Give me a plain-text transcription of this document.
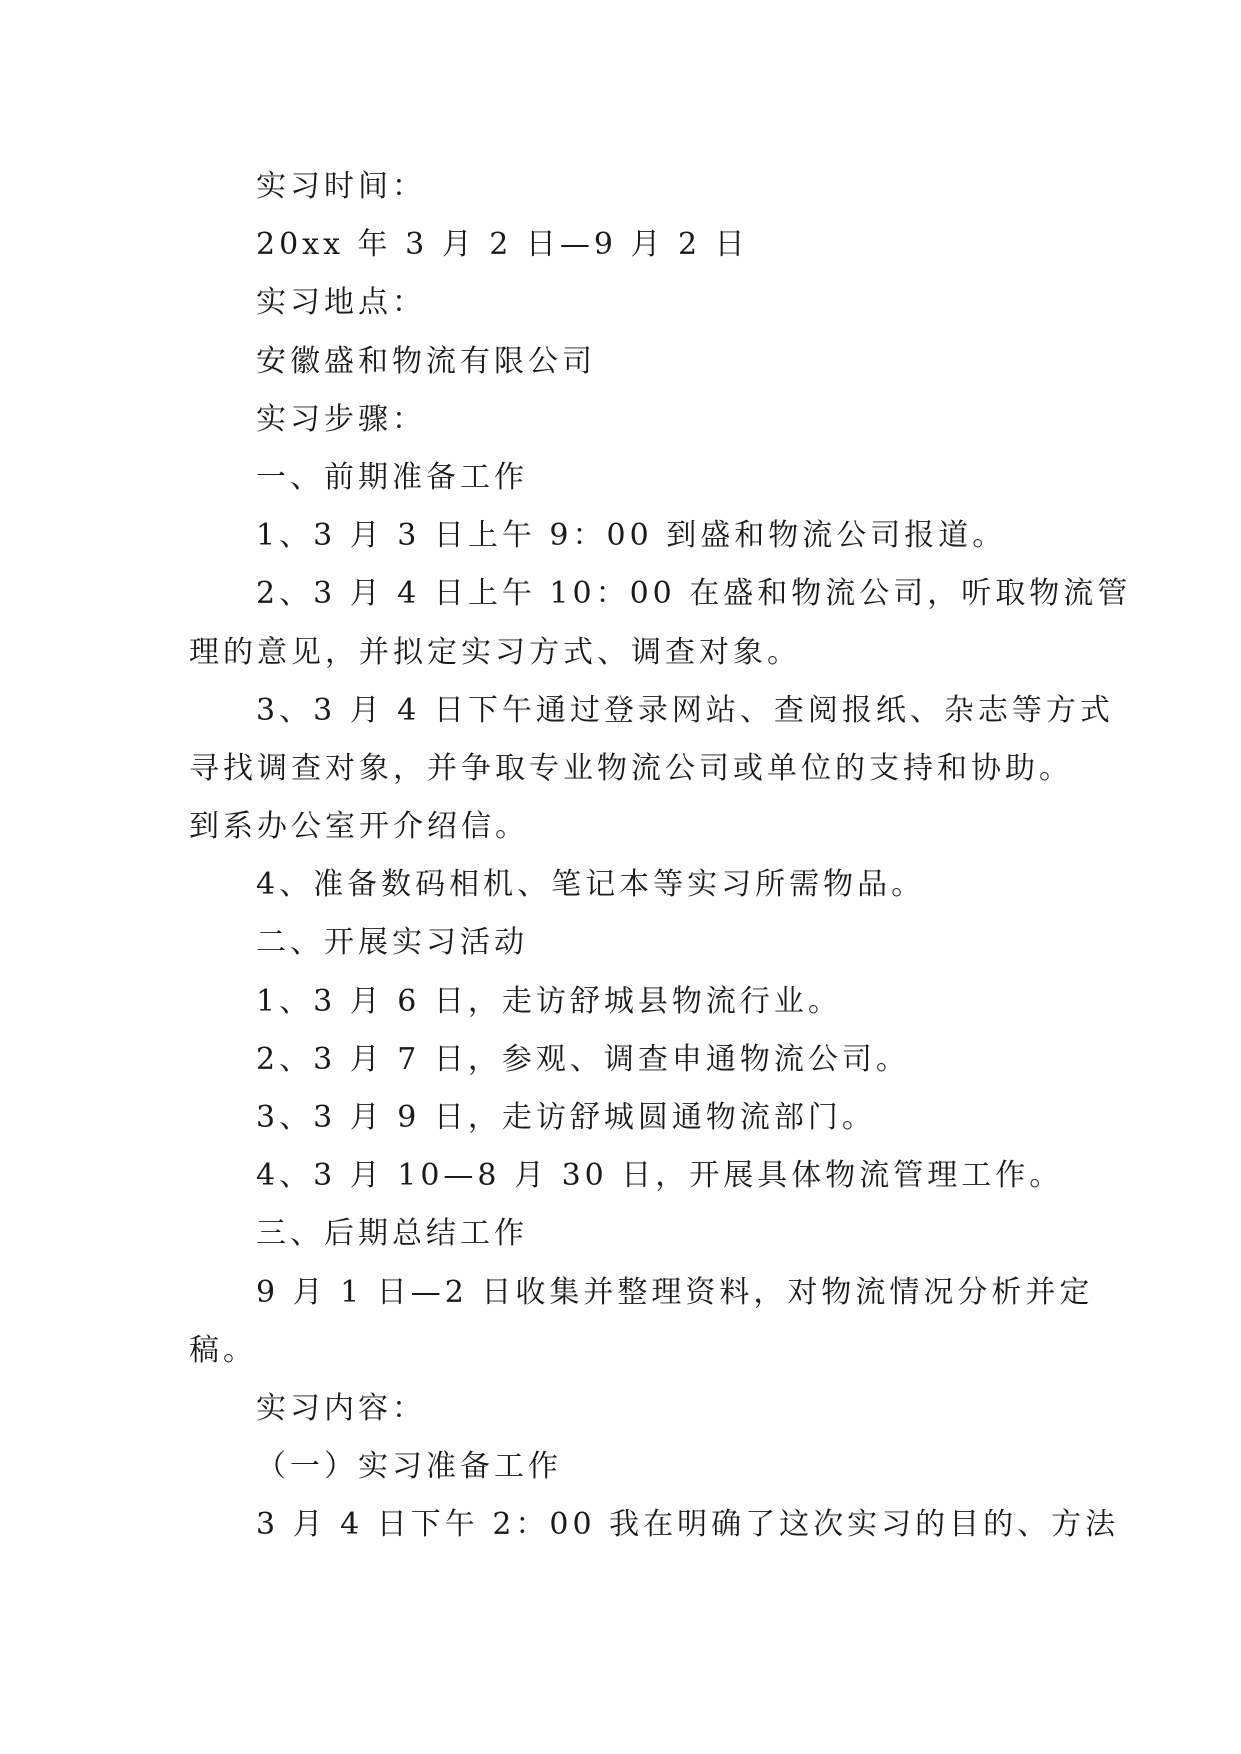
实习时间：
20xx 年 3 月 2 日—9 月 2 日
实习地点：
安徽盛和物流有限公司
实习步骤：
一、前期准备工作
1、3 月 3 日上午 9：00 到盛和物流公司报道。
2、3 月 4 日上午 10：00 在盛和物流公司，听取物流管
理的意见，并拟定实习方式、调查对象。
3、3 月 4 日下午通过登录网站、查阅报纸、杂志等方式
寻找调查对象，并争取专业物流公司或单位的支持和协助。
到系办公室开介绍信。
4、准备数码相机、笔记本等实习所需物品。
二、开展实习活动
1、3 月 6 日，走访舒城县物流行业。
2、3 月 7 日，参观、调查申通物流公司。
3、3 月 9 日，走访舒城圆通物流部门。
4、3 月 10—8 月 30 日，开展具体物流管理工作。
三、后期总结工作
9 月 1 日—2 日收集并整理资料，对物流情况分析并定
稿。
实习内容：
（一）实习准备工作
3 月 4 日下午 2：00 我在明确了这次实习的目的、方法
